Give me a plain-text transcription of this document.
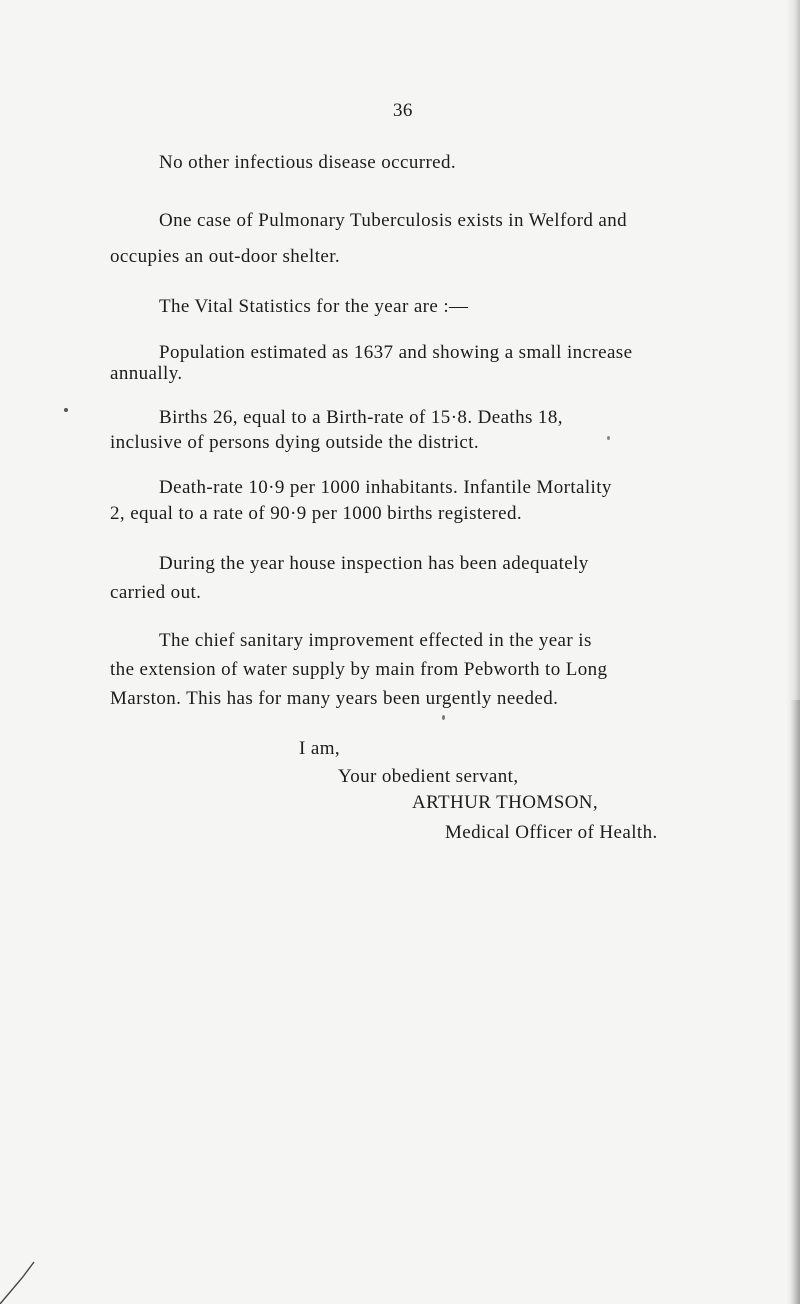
36
No other infectious disease occurred.
One case of Pulmonary Tuberculosis exists in Welford and
occupies an out-door shelter.
The Vital Statistics for the year are :—
Population estimated as 1637 and showing a small increase
annually.
Births 26, equal to a Birth-rate of 15·8. Deaths 18,
inclusive of persons dying outside the district.
Death-rate 10·9 per 1000 inhabitants. Infantile Mortality
2, equal to a rate of 90·9 per 1000 births registered.
During the year house inspection has been adequately
carried out.
The chief sanitary improvement effected in the year is
the extension of water supply by main from Pebworth to Long
Marston. This has for many years been urgently needed.
I am,
Your obedient servant,
ARTHUR THOMSON,
Medical Officer of Health.
